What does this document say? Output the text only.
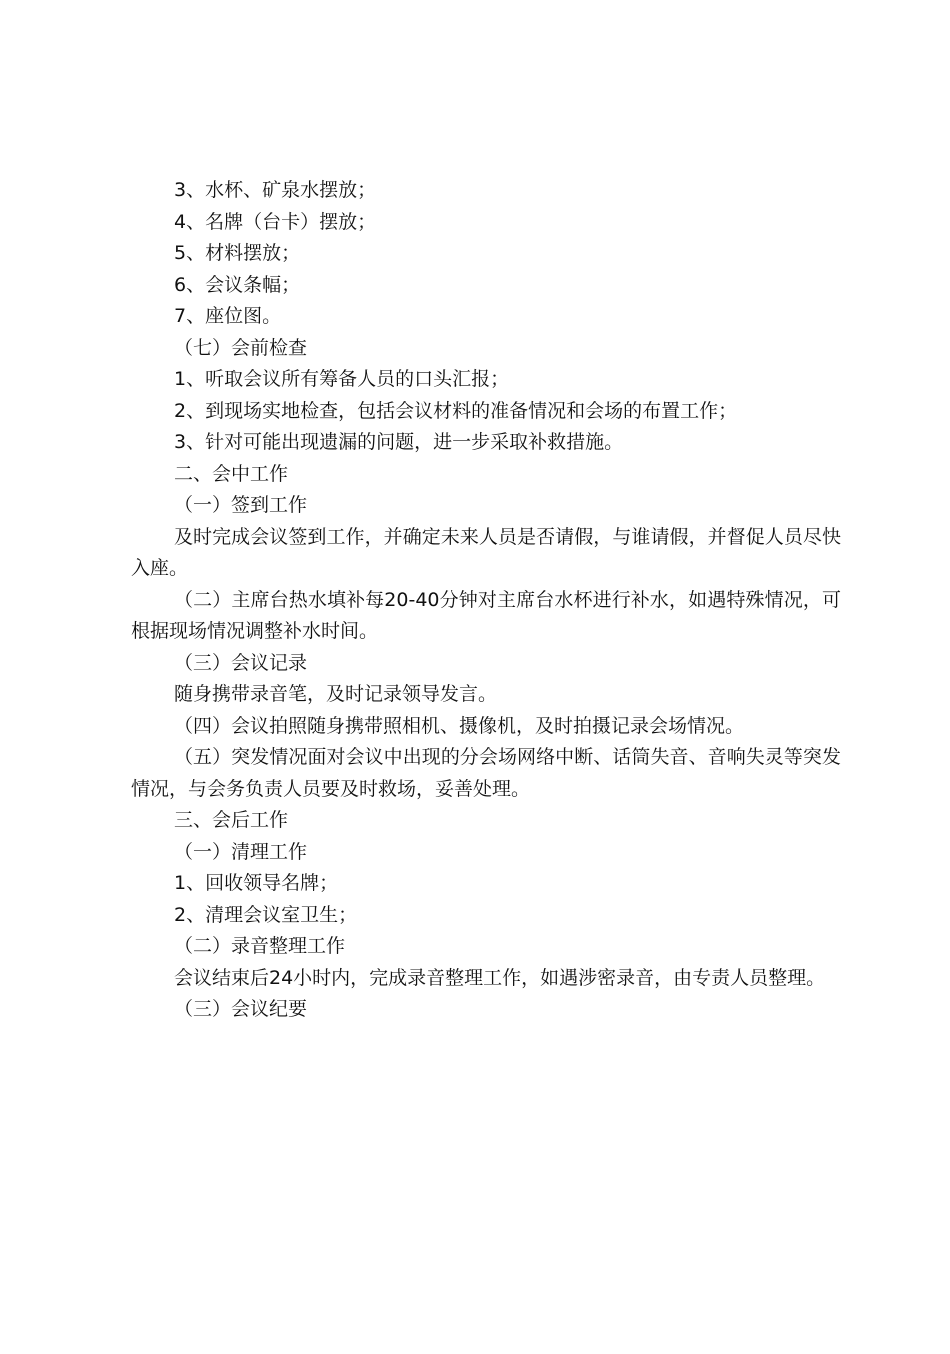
3、水杯、矿泉水摆放；

4、名牌（台卡）摆放；

5、材料摆放；

6、会议条幅；

7、座位图。

（七）会前检查

1、听取会议所有筹备人员的口头汇报；

2、到现场实地检查，包括会议材料的准备情况和会场的布置工作；

3、针对可能出现遗漏的问题，进一步采取补救措施。

二、会中工作

（一）签到工作

及时完成会议签到工作，并确定未来人员是否请假，与谁请假，并督促人员尽快入座。

（二）主席台热水填补每20-40分钟对主席台水杯进行补水，如遇特殊情况，可根据现场情况调整补水时间。

（三）会议记录

随身携带录音笔，及时记录领导发言。

（四）会议拍照随身携带照相机、摄像机，及时拍摄记录会场情况。

（五）突发情况面对会议中出现的分会场网络中断、话筒失音、音响失灵等突发情况，与会务负责人员要及时救场，妥善处理。

三、会后工作

（一）清理工作

1、回收领导名牌；

2、清理会议室卫生；

（二）录音整理工作

会议结束后24小时内，完成录音整理工作，如遇涉密录音，由专责人员整理。

（三）会议纪要
